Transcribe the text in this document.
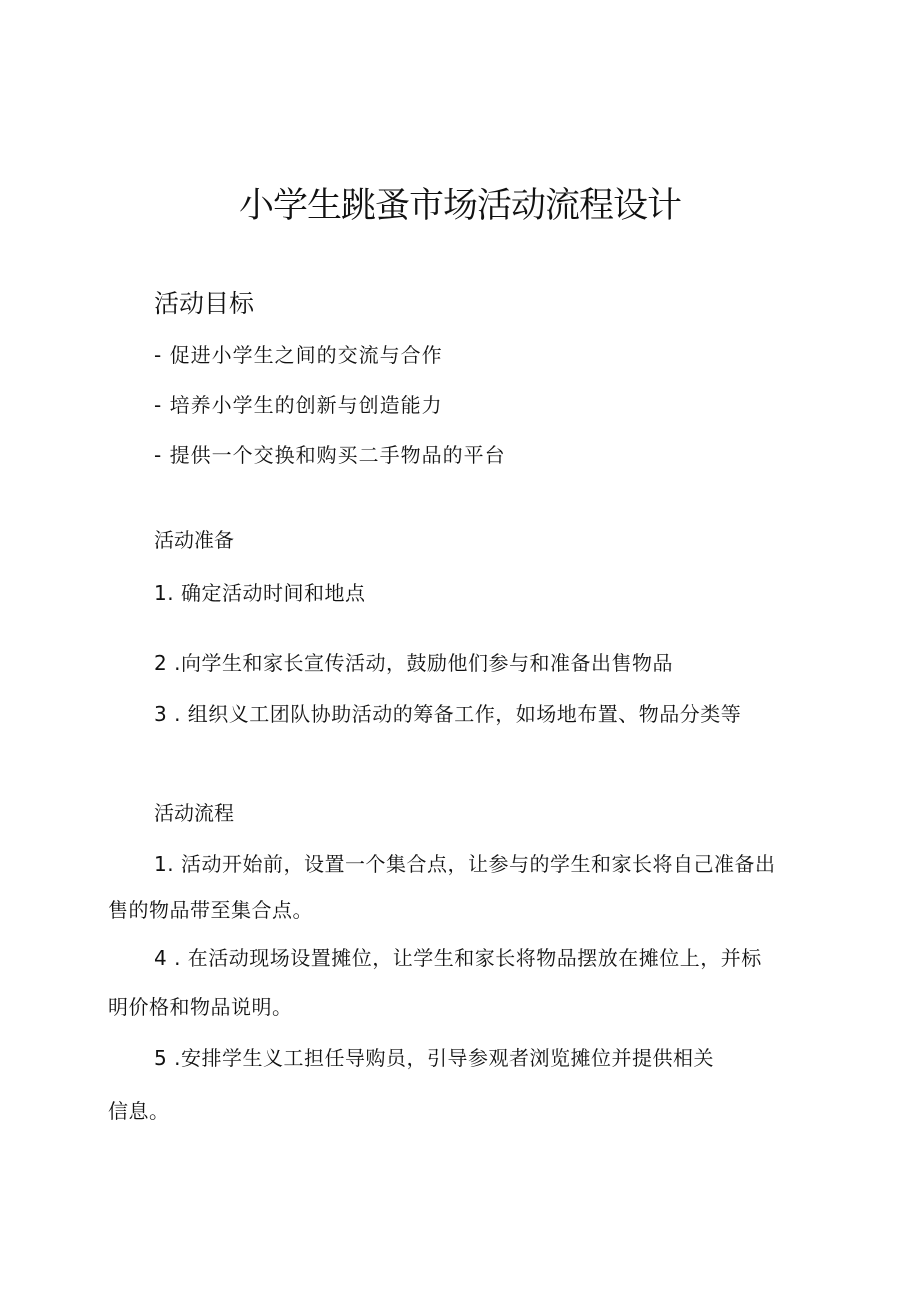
小学生跳蚤市场活动流程设计
活动目标

- 促进小学生之间的交流与合作

- 培养小学生的创新与创造能力

- 提供一个交换和购买二手物品的平台

活动准备

1. 确定活动时间和地点

2 .向学生和家长宣传活动，鼓励他们参与和准备出售物品

3 . 组织义工团队协助活动的筹备工作，如场地布置、物品分类等

活动流程

1. 活动开始前，设置一个集合点，让参与的学生和家长将自己准备出

售的物品带至集合点。

4 . 在活动现场设置摊位，让学生和家长将物品摆放在摊位上，并标

明价格和物品说明。

5 .安排学生义工担任导购员，引导参观者浏览摊位并提供相关

信息。
